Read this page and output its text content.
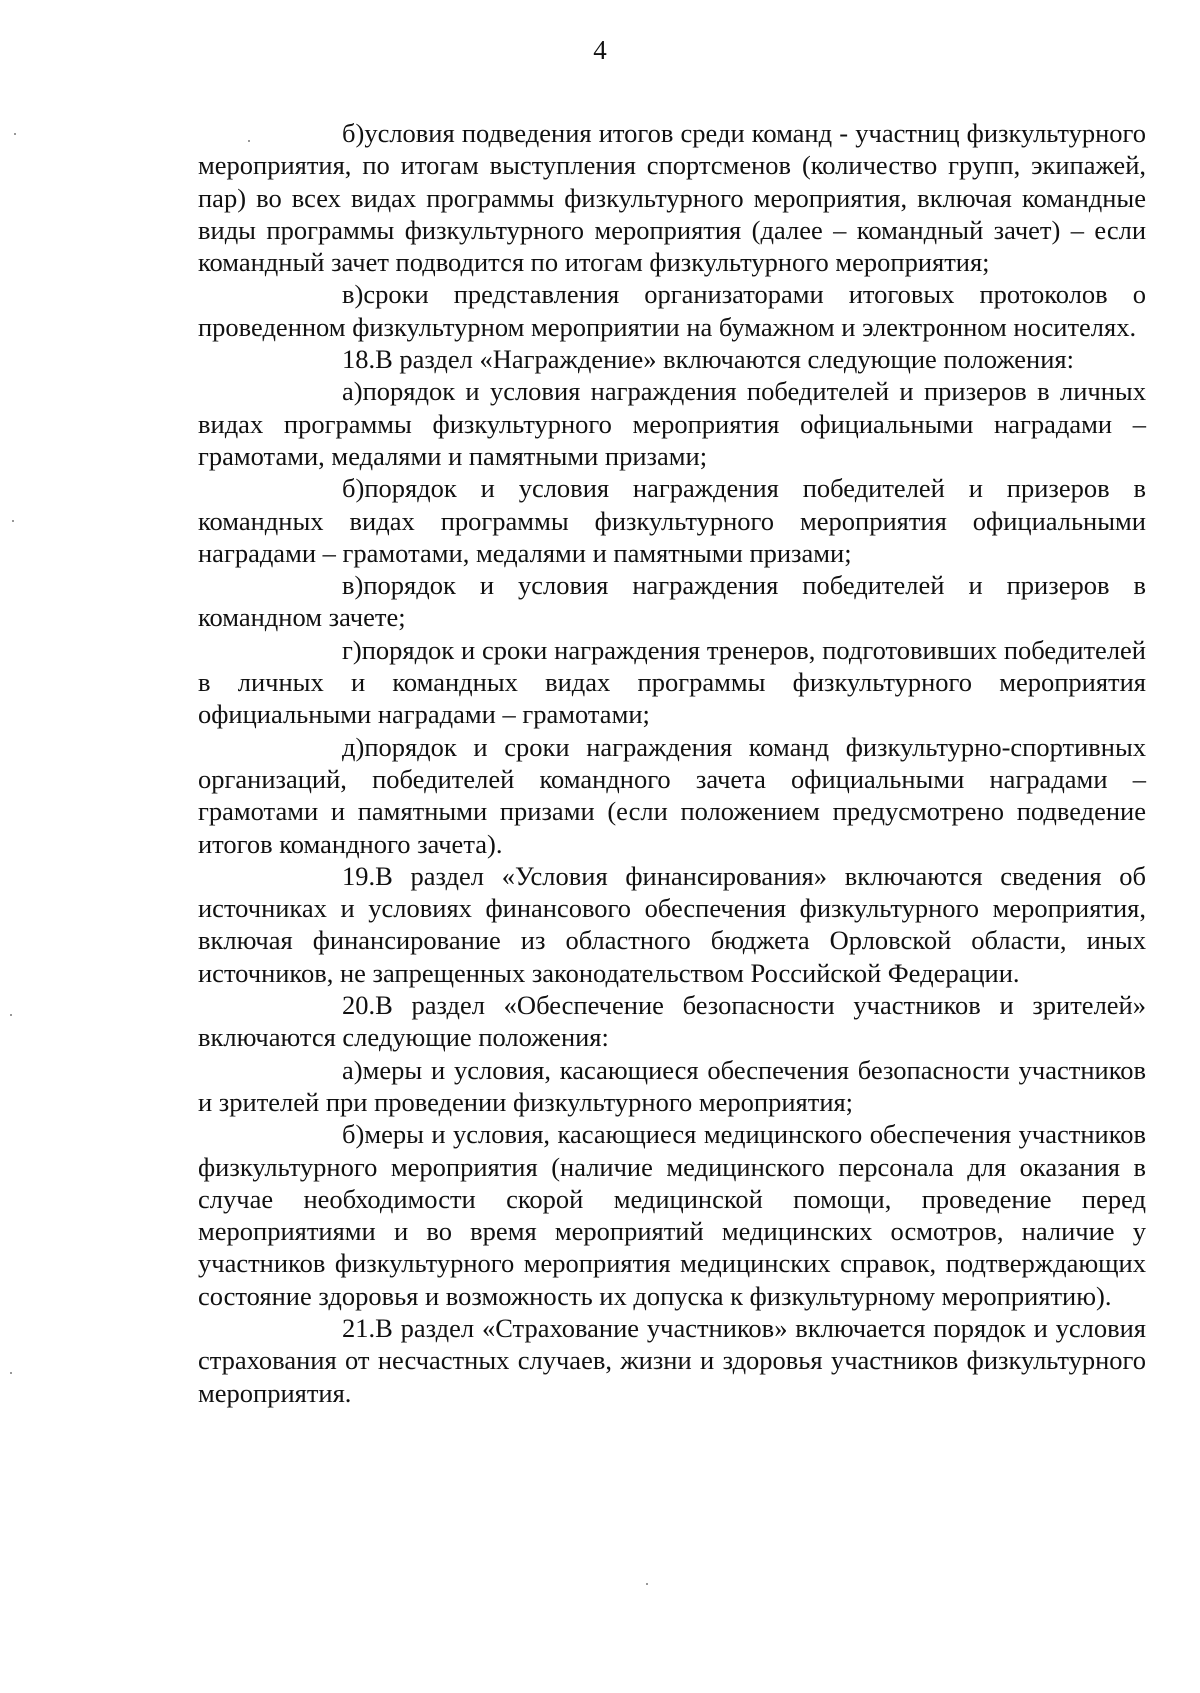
4

б)условия подведения итогов среди команд - участниц физкультурного мероприятия, по итогам выступления спортсменов (количество групп, экипажей, пар) во всех видах программы физкультурного мероприятия, включая командные виды программы физкультурного мероприятия (далее – командный зачет) – если командный зачет подводится по итогам физкультурного мероприятия;

в)сроки представления организаторами итоговых протоколов о проведенном физкультурном мероприятии на бумажном и электронном носителях.

18.В раздел «Награждение» включаются следующие положения:

а)порядок и условия награждения победителей и призеров в личных видах программы физкультурного мероприятия официальными наградами – грамотами, медалями и памятными призами;

б)порядок и условия награждения победителей и призеров в командных видах программы физкультурного мероприятия официальными наградами – грамотами, медалями и памятными призами;

в)порядок и условия награждения победителей и призеров в командном зачете;

г)порядок и сроки награждения тренеров, подготовивших победителей в личных и командных видах программы физкультурного мероприятия официальными наградами – грамотами;

д)порядок и сроки награждения команд физкультурно-спортивных организаций, победителей командного зачета официальными наградами – грамотами и памятными призами (если положением предусмотрено подведение итогов командного зачета).

19.В раздел «Условия финансирования» включаются сведения об источниках и условиях финансового обеспечения физкультурного мероприятия, включая финансирование из областного бюджета Орловской области, иных источников, не запрещенных законодательством Российской Федерации.

20.В раздел «Обеспечение безопасности участников и зрителей» включаются следующие положения:

а)меры и условия, касающиеся обеспечения безопасности участников и зрителей при проведении физкультурного мероприятия;

б)меры и условия, касающиеся медицинского обеспечения участников физкультурного мероприятия (наличие медицинского персонала для оказания в случае необходимости скорой медицинской помощи, проведение перед мероприятиями и во время мероприятий медицинских осмотров, наличие у участников физкультурного мероприятия медицинских справок, подтверждающих состояние здоровья и возможность их допуска к физкультурному мероприятию).

21.В раздел «Страхование участников» включается порядок и условия страхования от несчастных случаев, жизни и здоровья участников физкультурного мероприятия.
